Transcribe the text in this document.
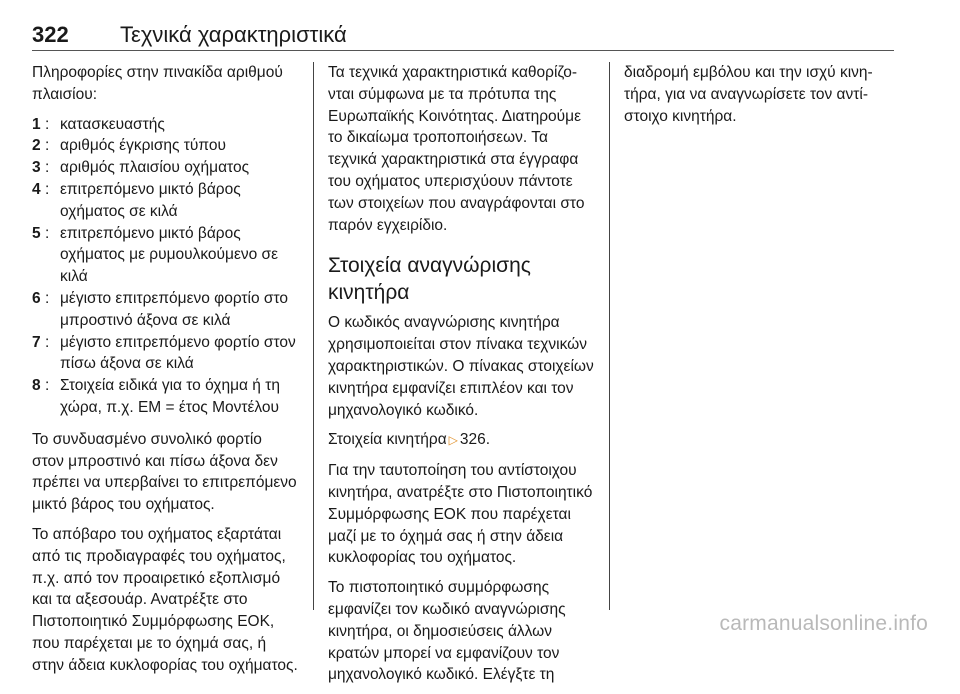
322 Τεχνικά χαρακτηριστικά

Πληροφορίες στην πινακίδα αριθμού πλαισίου:

1 : κατασκευαστής
2 : αριθμός έγκρισης τύπου
3 : αριθμός πλαισίου οχήματος
4 : επιτρεπόμενο μικτό βάρος οχήματος σε κιλά
5 : επιτρεπόμενο μικτό βάρος οχήματος με ρυμουλκούμενο σε κιλά
6 : μέγιστο επιτρεπόμενο φορτίο στο μπροστινό άξονα σε κιλά
7 : μέγιστο επιτρεπόμενο φορτίο στον πίσω άξονα σε κιλά
8 : Στοιχεία ειδικά για το όχημα ή τη χώρα, π.χ. ΕΜ = έτος Μοντέλου

Το συνδυασμένο συνολικό φορτίο στον μπροστινό και πίσω άξονα δεν πρέπει να υπερβαίνει το επιτρεπόμενο μικτό βάρος του οχήματος.

Το απόβαρο του οχήματος εξαρτάται από τις προδιαγραφές του οχήματος, π.χ. από τον προαιρετικό εξοπλισμό και τα αξεσουάρ. Ανατρέξτε στο Πιστοποιητικό Συμμόρφωσης ΕΟΚ, που παρέχεται με το όχημά σας, ή στην άδεια κυκλοφορίας του οχήματος.

Τα τεχνικά χαρακτηριστικά καθορίζονται σύμφωνα με τα πρότυπα της Ευρωπαϊκής Κοινότητας. Διατηρούμε το δικαίωμα τροποποιήσεων. Τα τεχνικά χαρακτηριστικά στα έγγραφα του οχήματος υπερισχύουν πάντοτε των στοιχείων που αναγράφονται στο παρόν εγχειρίδιο.

Στοιχεία αναγνώρισης κινητήρα

Ο κωδικός αναγνώρισης κινητήρα χρησιμοποιείται στον πίνακα τεχνικών χαρακτηριστικών. Ο πίνακας στοιχείων κινητήρα εμφανίζει επιπλέον και τον μηχανολογικό κωδικό.

Στοιχεία κινητήρα ▷ 326.

Για την ταυτοποίηση του αντίστοιχου κινητήρα, ανατρέξτε στο Πιστοποιητικό Συμμόρφωσης ΕΟΚ που παρέχεται μαζί με το όχημά σας ή στην άδεια κυκλοφορίας του οχήματος.

Το πιστοποιητικό συμμόρφωσης εμφανίζει τον κωδικό αναγνώρισης κινητήρα, οι δημοσιεύσεις άλλων κρατών μπορεί να εμφανίζουν τον μηχανολογικό κωδικό. Ελέγξτε τη

διαδρομή εμβόλου και την ισχύ κινητήρα, για να αναγνωρίσετε τον αντίστοιχο κινητήρα.

carmanualsonline.info
